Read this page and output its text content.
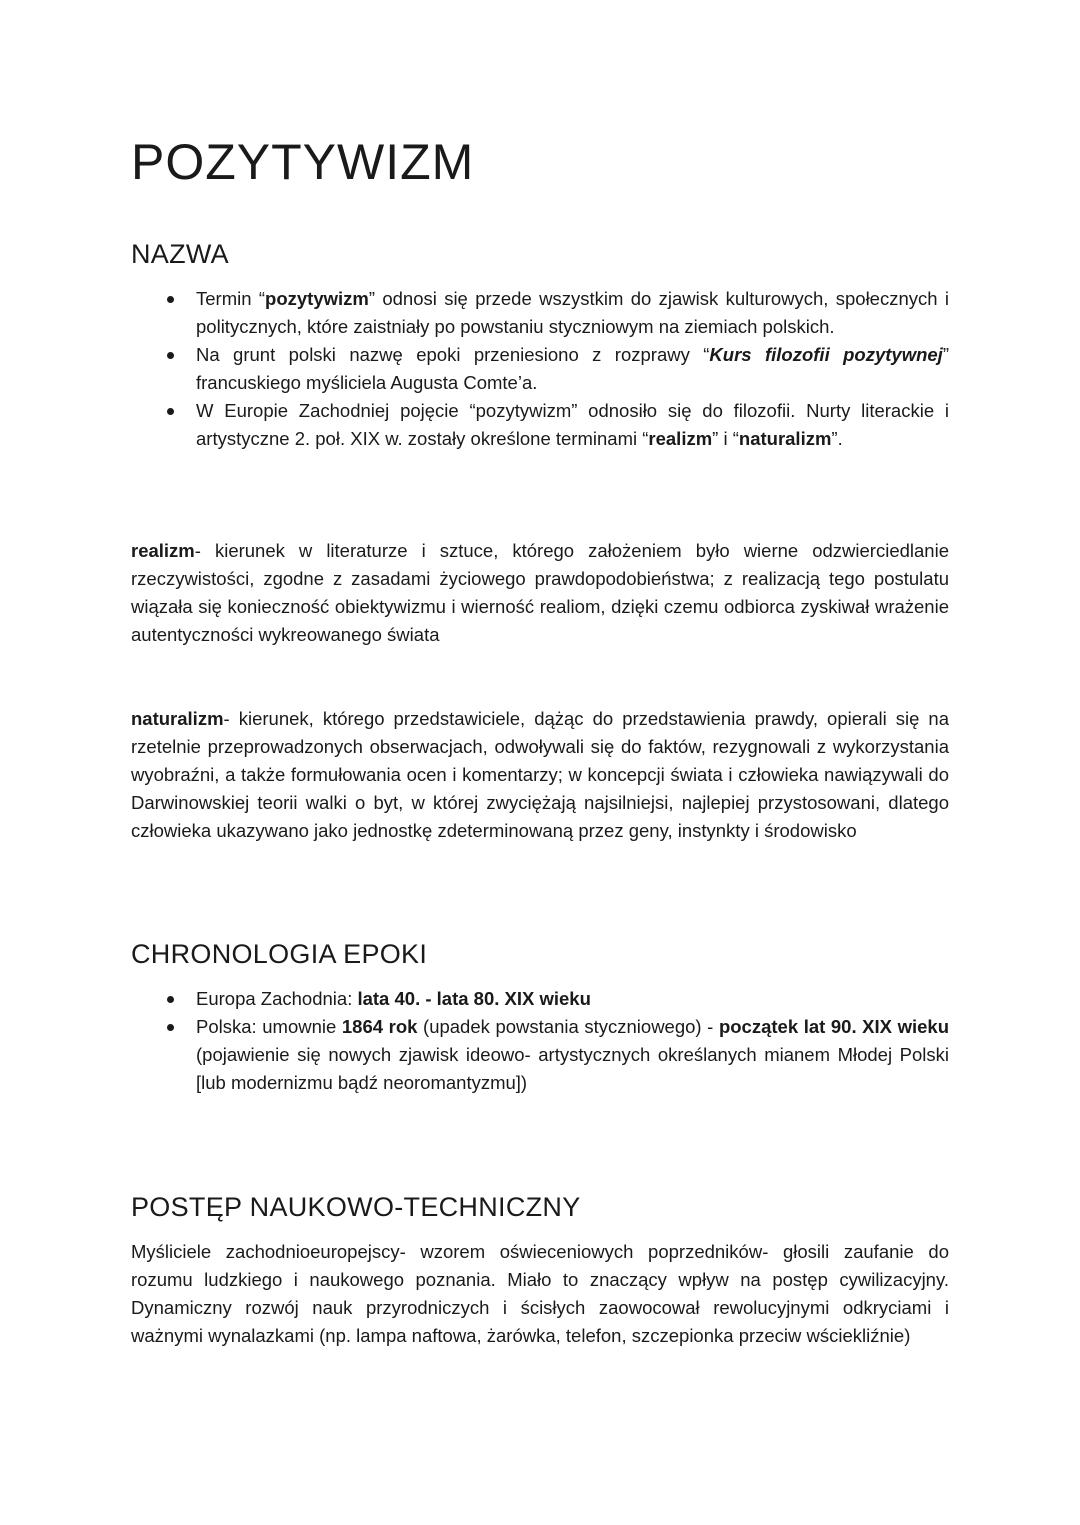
POZYTYWIZM
NAZWA
Termin “pozytywizm” odnosi się przede wszystkim do zjawisk kulturowych, społecznych i politycznych, które zaistniały po powstaniu styczniowym na ziemiach polskich.
Na grunt polski nazwę epoki przeniesiono z rozprawy “Kurs filozofii pozytywnej” francuskiego myśliciela Augusta Comte’a.
W Europie Zachodniej pojęcie “pozytywizm” odnosiło się do filozofii. Nurty literackie i artystyczne 2. poł. XIX w. zostały określone terminami “realizm” i “naturalizm”.

realizm- kierunek w literaturze i sztuce, którego założeniem było wierne odzwierciedlanie rzeczywistości, zgodne z zasadami życiowego prawdopodobieństwa; z realizacją tego postulatu wiązała się konieczność obiektywizmu i wierność realiom, dzięki czemu odbiorca zyskiwał wrażenie autentyczności wykreowanego świata

naturalizm- kierunek, którego przedstawiciele, dążąc do przedstawienia prawdy, opierali się na rzetelnie przeprowadzonych obserwacjach, odwoływali się do faktów, rezygnowali z wykorzystania wyobraźni, a także formułowania ocen i komentarzy; w koncepcji świata i człowieka nawiązywali do Darwinowskiej teorii walki o byt, w której zwyciężają najsilniejsi, najlepiej przystosowani, dlatego człowieka ukazywano jako jednostkę zdeterminowaną przez geny, instynkty i środowisko

CHRONOLOGIA EPOKI
Europa Zachodnia: lata 40. - lata 80. XIX wieku
Polska: umownie 1864 rok (upadek powstania styczniowego) - początek lat 90. XIX wieku (pojawienie się nowych zjawisk ideowo- artystycznych określanych mianem Młodej Polski [lub modernizmu bądź neoromantyzmu])
POSTĘP NAUKOWO-TECHNICZNY

Myśliciele zachodnioeuropejscy- wzorem oświeceniowych poprzedników- głosili zaufanie do rozumu ludzkiego i naukowego poznania. Miało to znaczący wpływ na postęp cywilizacyjny. Dynamiczny rozwój nauk przyrodniczych i ścisłych zaowocował rewolucyjnymi odkryciami i ważnymi wynalazkami (np. lampa naftowa, żarówka, telefon, szczepionka przeciw wściekliźnie)
